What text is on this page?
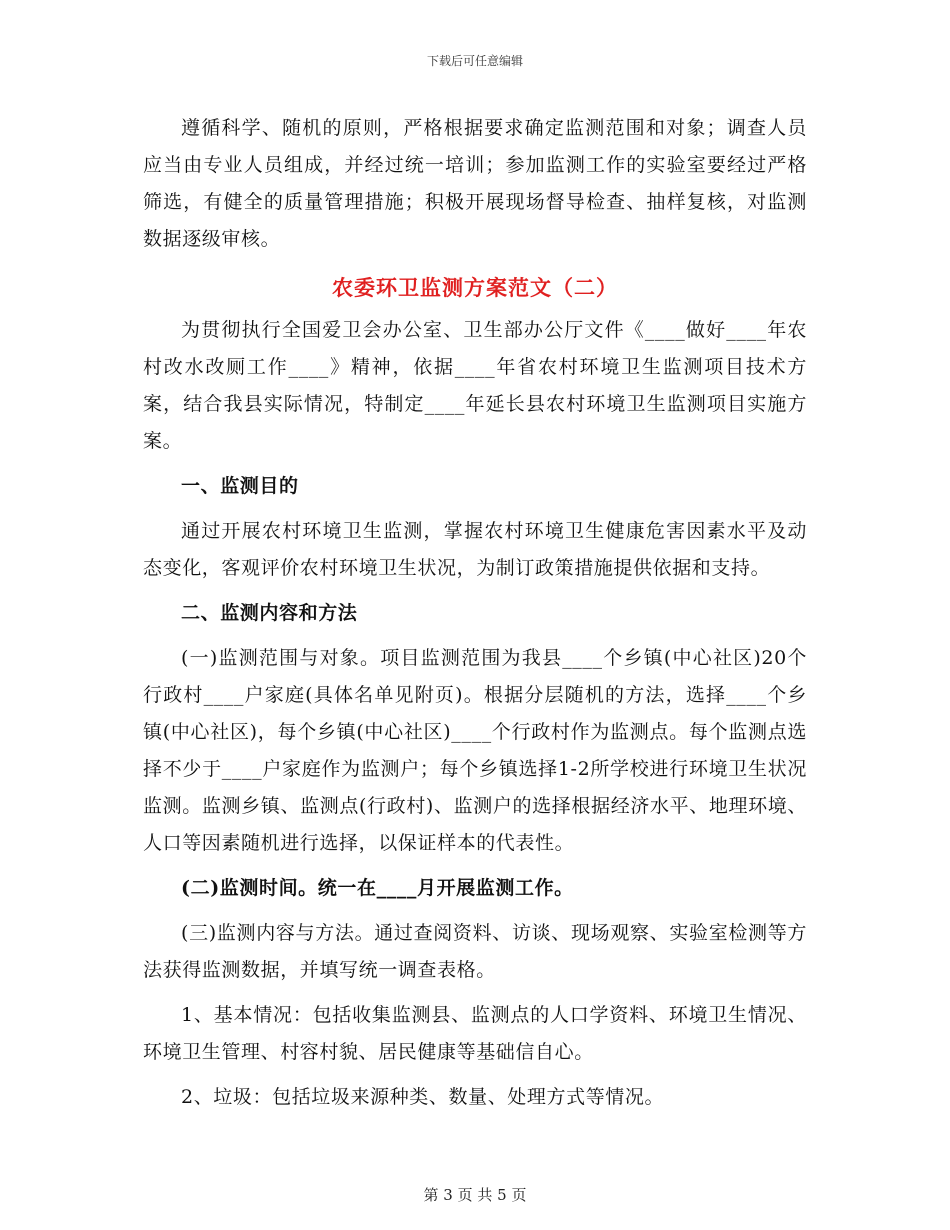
下载后可任意编辑

遵循科学、随机的原则，严格根据要求确定监测范围和对象；调查人员应当由专业人员组成，并经过统一培训；参加监测工作的实验室要经过严格筛选，有健全的质量管理措施；积极开展现场督导检查、抽样复核，对监测数据逐级审核。

农委环卫监测方案范文（二）

为贯彻执行全国爱卫会办公室、卫生部办公厅文件《____做好____年农村改水改厕工作____》精神，依据____年省农村环境卫生监测项目技术方案，结合我县实际情况，特制定____年延长县农村环境卫生监测项目实施方案。

一、监测目的

通过开展农村环境卫生监测，掌握农村环境卫生健康危害因素水平及动态变化，客观评价农村环境卫生状况，为制订政策措施提供依据和支持。

二、监测内容和方法

(一)监测范围与对象。项目监测范围为我县____个乡镇(中心社区)20个行政村____户家庭(具体名单见附页)。根据分层随机的方法，选择____个乡镇(中心社区)，每个乡镇(中心社区)____个行政村作为监测点。每个监测点选择不少于____户家庭作为监测户；每个乡镇选择1-2所学校进行环境卫生状况监测。监测乡镇、监测点(行政村)、监测户的选择根据经济水平、地理环境、人口等因素随机进行选择，以保证样本的代表性。

(二)监测时间。统一在____月开展监测工作。

(三)监测内容与方法。通过查阅资料、访谈、现场观察、实验室检测等方法获得监测数据，并填写统一调查表格。

1、基本情况：包括收集监测县、监测点的人口学资料、环境卫生情况、环境卫生管理、村容村貌、居民健康等基础信自心。

2、垃圾：包括垃圾来源种类、数量、处理方式等情况。

第 3 页 共 5 页
